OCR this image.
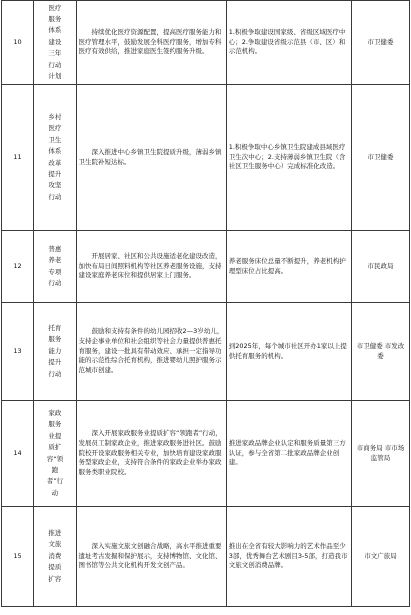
10	医疗服务体系建设三年行动计划	持续优化医疗资源配置，提高医疗服务能力和医疗管理水平，鼓励发展全科医疗服务，增加专科医疗有效供给，推进家庭医生签约服务升级。	1.积极争取建设国家级、省级区域医疗中心；2.争取建设省级示范县（市、区）和示范机构。	市卫健委
11	乡村医疗卫生体系改革提升攻坚行动	深入推进中心乡镇卫生院提质升级，薄弱乡镇卫生院补短达标。	1.积极争取中心乡镇卫生院建成县域医疗卫生次中心；2.支持薄弱乡镇卫生院（含社区卫生服务中心）完成标准化改造。	市卫健委
12	普惠养老专项行动	开展居家、社区和公共设施适老化建设改造，加快布局日间照料机构等社区养老服务设施，支持建设家庭养老床位和提供居家上门服务。	养老服务床位总量不断提升，养老机构护理型床位占比提高。	市民政局
13	托育服务能力提升行动	鼓励和支持有条件的幼儿园招收2—3岁幼儿，支持企事业单位和社会组织等社会力量提供普惠托育服务，建设一批具有带动效应、承担一定指导功能的示范性综合托育机构，推进婴幼儿照护服务示范城市创建。	到2025年，每个城市社区开办1家以上提供托育服务的机构。	市卫健委 市发改委
14	家政服务业提质扩容“领跑者”行动	深入开展家政服务业提质扩容“领跑者”行动，发展员工制家政企业，推进家政服务进社区。鼓励院校开设家政服务相关专业，加快培育建设家政服务型家政企业，支持符合条件的家政企业举办家政服务类职业院校。	推进家政品牌企业认定和服务质量第三方认证，参与全省第二批家政品牌企业创建。	市商务局 市市场监管局
15	推进文旅消费提质扩容	深入实施文旅文创融合战略，高水平推进重要遗址考古发掘和保护展示，支持博物馆、文化馆、图书馆等公共文化机构开发文创产品。	推出在全省有较大影响力的艺术作品至少3部，优秀舞台艺术剧目3-5部，打造我市文旅文创消费品牌。	市文广旅局
